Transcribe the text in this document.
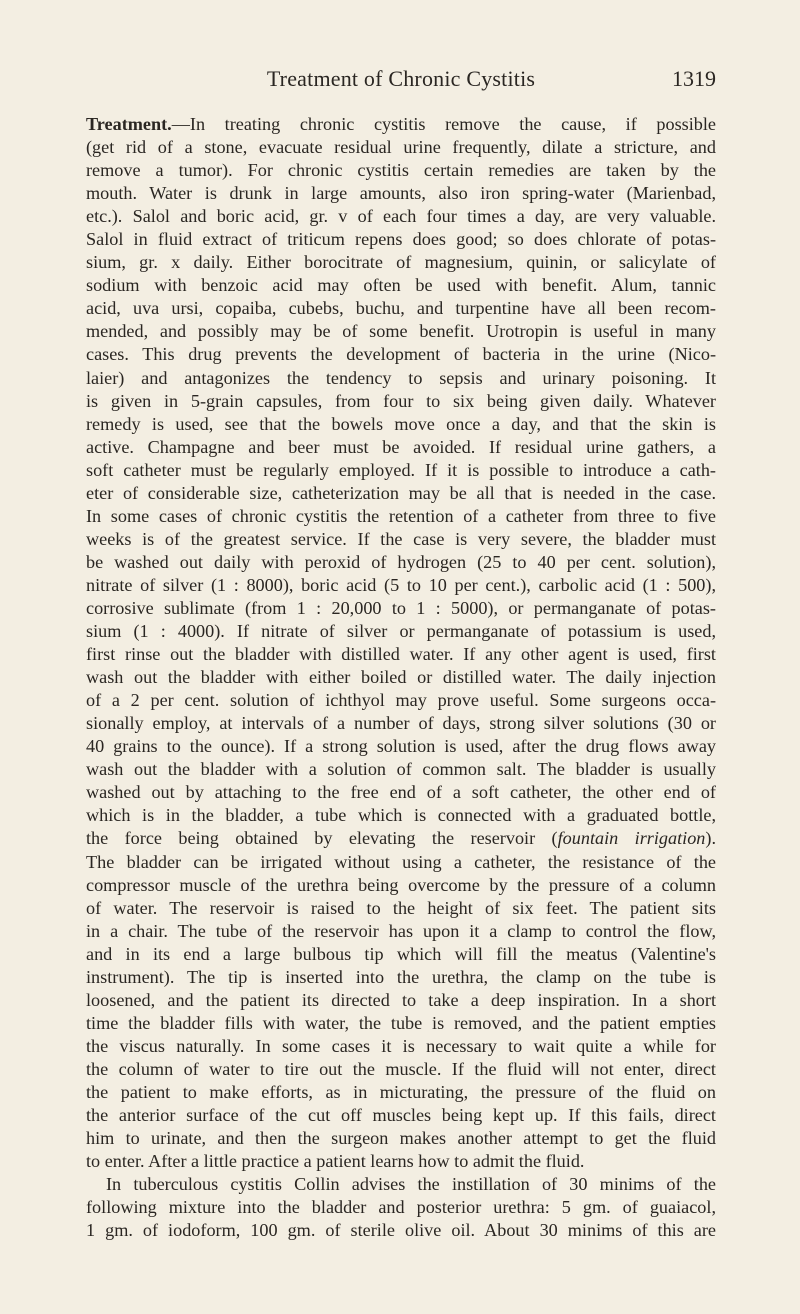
Treatment of Chronic Cystitis	1319
Treatment.—In treating chronic cystitis remove the cause, if possible
(get rid of a stone, evacuate residual urine frequently, dilate a stricture, and
remove a tumor). For chronic cystitis certain remedies are taken by the
mouth. Water is drunk in large amounts, also iron spring-water (Marienbad,
etc.). Salol and boric acid, gr. v of each four times a day, are very valuable.
Salol in fluid extract of triticum repens does good; so does chlorate of potas-
sium, gr. x daily. Either borocitrate of magnesium, quinin, or salicylate of
sodium with benzoic acid may often be used with benefit. Alum, tannic
acid, uva ursi, copaiba, cubebs, buchu, and turpentine have all been recom-
mended, and possibly may be of some benefit. Urotropin is useful in many
cases. This drug prevents the development of bacteria in the urine (Nico-
laier) and antagonizes the tendency to sepsis and urinary poisoning. It
is given in 5-grain capsules, from four to six being given daily. Whatever
remedy is used, see that the bowels move once a day, and that the skin is
active. Champagne and beer must be avoided. If residual urine gathers, a
soft catheter must be regularly employed. If it is possible to introduce a cath-
eter of considerable size, catheterization may be all that is needed in the case.
In some cases of chronic cystitis the retention of a catheter from three to five
weeks is of the greatest service. If the case is very severe, the bladder must
be washed out daily with peroxid of hydrogen (25 to 40 per cent. solution),
nitrate of silver (1 : 8000), boric acid (5 to 10 per cent.), carbolic acid (1 : 500),
corrosive sublimate (from 1 : 20,000 to 1 : 5000), or permanganate of potas-
sium (1 : 4000). If nitrate of silver or permanganate of potassium is used,
first rinse out the bladder with distilled water. If any other agent is used, first
wash out the bladder with either boiled or distilled water. The daily injection
of a 2 per cent. solution of ichthyol may prove useful. Some surgeons occa-
sionally employ, at intervals of a number of days, strong silver solutions (30 or
40 grains to the ounce). If a strong solution is used, after the drug flows away
wash out the bladder with a solution of common salt. The bladder is usually
washed out by attaching to the free end of a soft catheter, the other end of
which is in the bladder, a tube which is connected with a graduated bottle,
the force being obtained by elevating the reservoir (fountain irrigation).
The bladder can be irrigated without using a catheter, the resistance of the
compressor muscle of the urethra being overcome by the pressure of a column
of water. The reservoir is raised to the height of six feet. The patient sits
in a chair. The tube of the reservoir has upon it a clamp to control the flow,
and in its end a large bulbous tip which will fill the meatus (Valentine's
instrument). The tip is inserted into the urethra, the clamp on the tube is
loosened, and the patient its directed to take a deep inspiration. In a short
time the bladder fills with water, the tube is removed, and the patient empties
the viscus naturally. In some cases it is necessary to wait quite a while for
the column of water to tire out the muscle. If the fluid will not enter, direct
the patient to make efforts, as in micturating, the pressure of the fluid on
the anterior surface of the cut off muscles being kept up. If this fails, direct
him to urinate, and then the surgeon makes another attempt to get the fluid
to enter. After a little practice a patient learns how to admit the fluid.
In tuberculous cystitis Collin advises the instillation of 30 minims of the
following mixture into the bladder and posterior urethra: 5 gm. of guaiacol,
1 gm. of iodoform, 100 gm. of sterile olive oil. About 30 minims of this are
